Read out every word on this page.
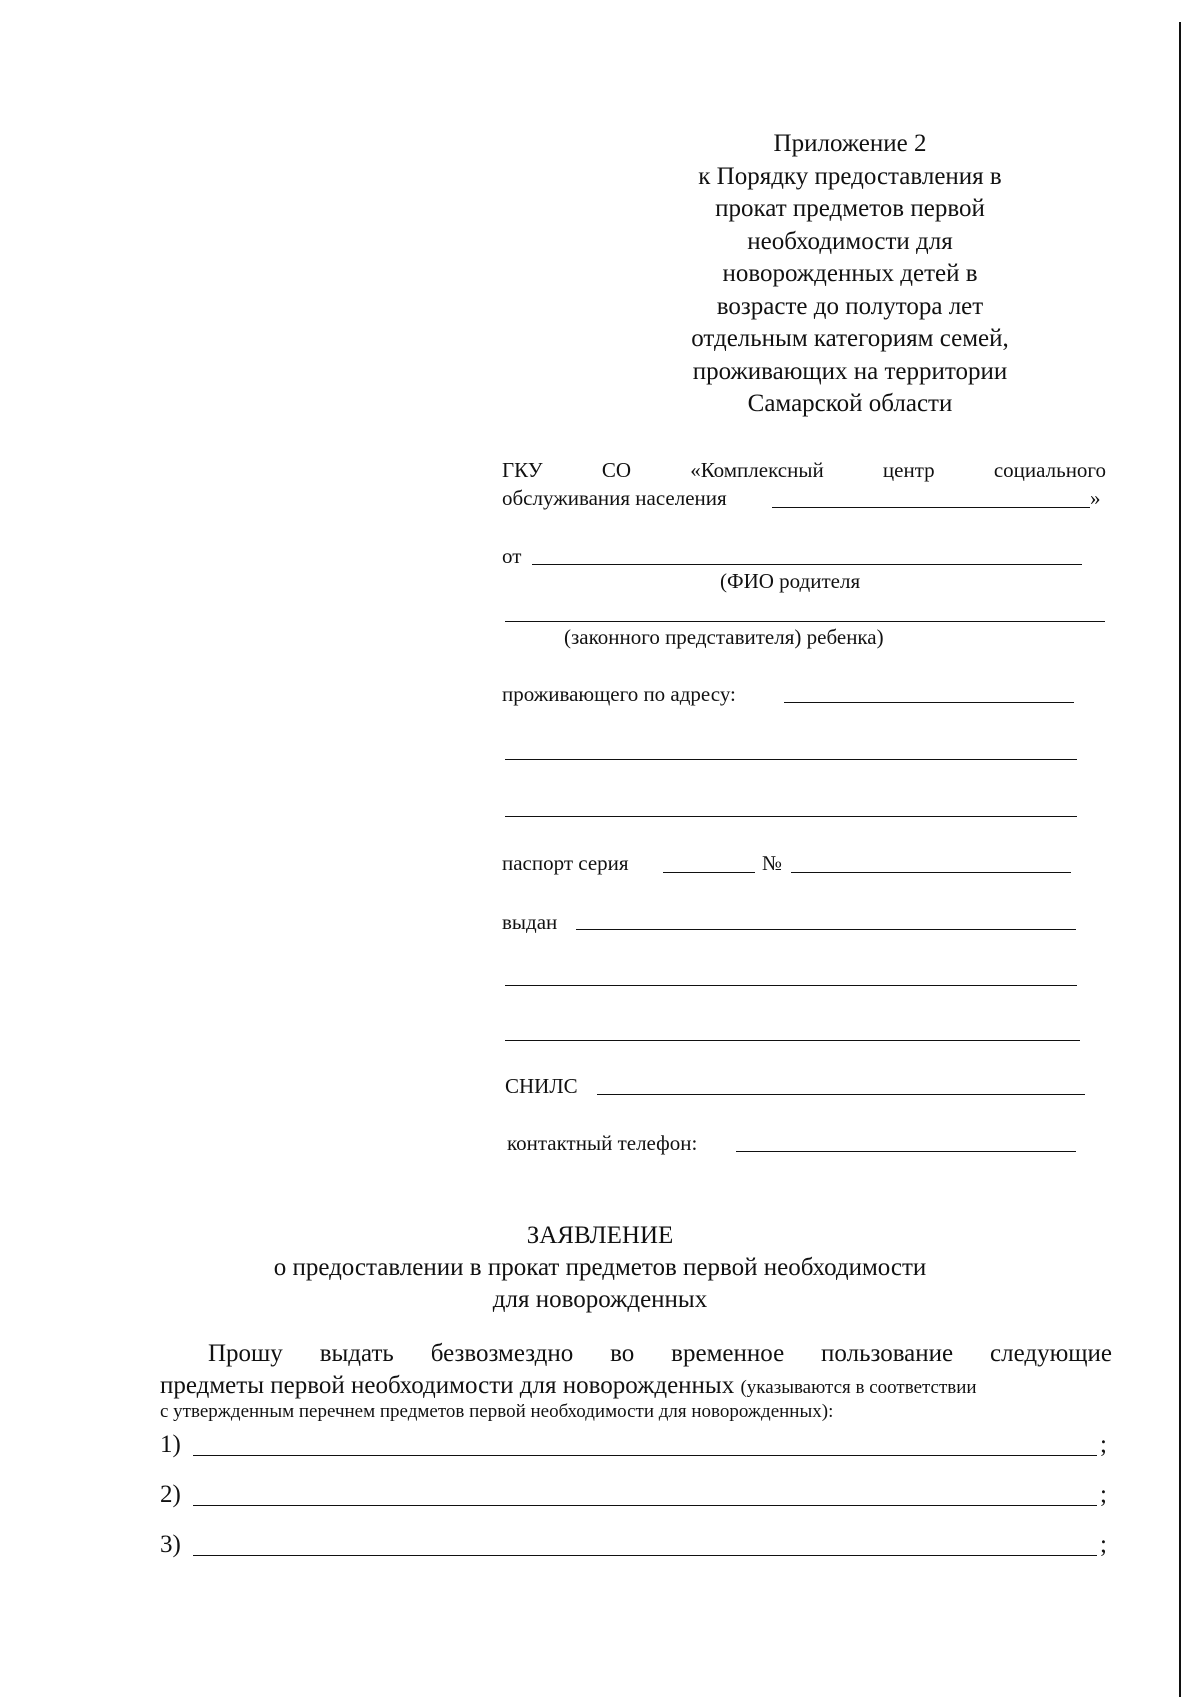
Приложение 2
к Порядку предоставления в
прокат предметов первой
необходимости для
новорожденных детей в
возрасте до полутора лет
отдельным категориям семей,
проживающих на территории
Самарской области
ГКУ	СО	«Комплексный	центр	социального
обслуживания населения	»
от
(ФИО родителя
(законного представителя) ребенка)
проживающего по адресу:
паспорт серия	№
выдан
СНИЛС
контактный телефон:
ЗАЯВЛЕНИЕ
о предоставлении в прокат предметов первой необходимости
для новорожденных
Прошу выдать безвозмездно во временное пользование следующие
предметы первой необходимости для новорожденных (указываются в соответствии
с утвержденным перечнем предметов первой необходимости для новорожденных):
1)	;
2)	;
3)	;
